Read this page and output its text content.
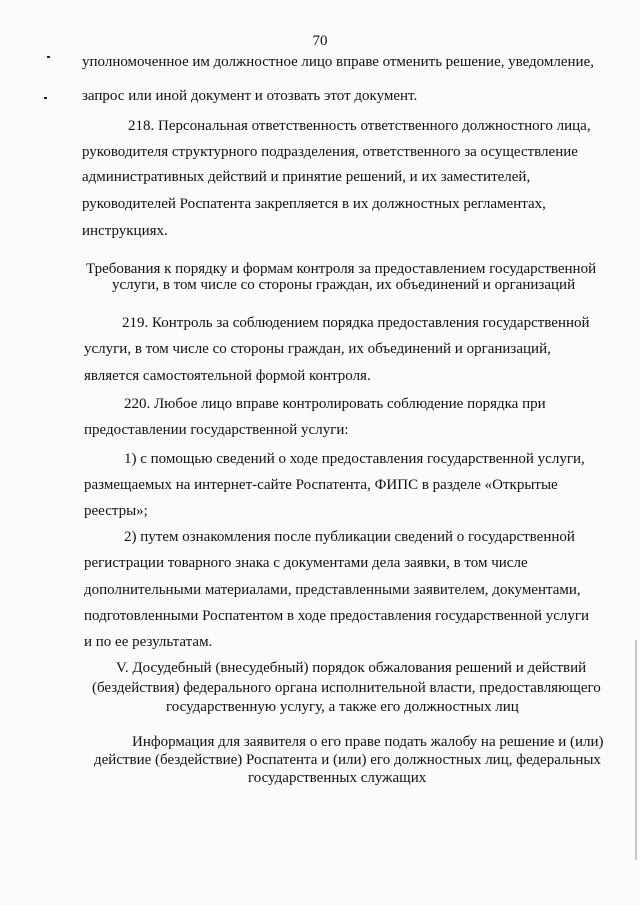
70
уполномоченное им должностное лицо вправе отменить решение, уведомление,
запрос или иной документ и отозвать этот документ.
218. Персональная ответственность ответственного должностного лица,
руководителя структурного подразделения, ответственного за осуществление
административных действий и принятие решений, и их заместителей,
руководителей Роспатента закрепляется в их должностных регламентах,
инструкциях.
Требования к порядку и формам контроля за предоставлением государственной
услуги, в том числе со стороны граждан, их объединений и организаций
219. Контроль за соблюдением порядка предоставления государственной
услуги, в том числе со стороны граждан, их объединений и организаций,
является самостоятельной формой контроля.
220. Любое лицо вправе контролировать соблюдение порядка при
предоставлении государственной услуги:
1) с помощью сведений о ходе предоставления государственной услуги,
размещаемых на интернет-сайте Роспатента, ФИПС в разделе «Открытые
реестры»;
2) путем ознакомления после публикации сведений о государственной
регистрации товарного знака с документами дела заявки, в том числе
дополнительными материалами, представленными заявителем, документами,
подготовленными Роспатентом в ходе предоставления государственной услуги
и по ее результатам.
V. Досудебный (внесудебный) порядок обжалования решений и действий
(бездействия) федерального органа исполнительной власти, предоставляющего
государственную услугу, а также его должностных лиц
Информация для заявителя о его праве подать жалобу на решение и (или)
действие (бездействие) Роспатента и (или) его должностных лиц, федеральных
государственных служащих
